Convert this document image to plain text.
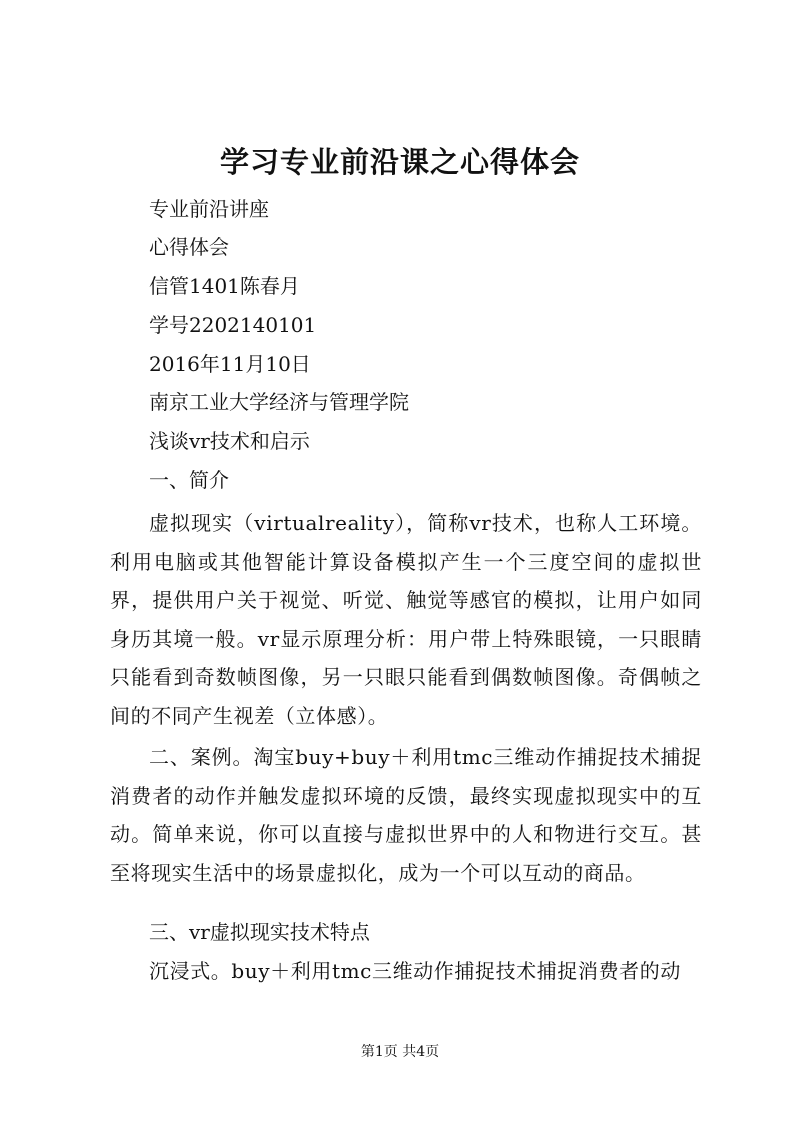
学习专业前沿课之心得体会
专业前沿讲座
心得体会
信管1401陈春月
学号2202140101
2016年11月10日
南京工业大学经济与管理学院
浅谈vr技术和启示
一、简介
虚拟现实（virtualreality），简称vr技术，也称人工环境。利用电脑或其他智能计算设备模拟产生一个三度空间的虚拟世界，提供用户关于视觉、听觉、触觉等感官的模拟，让用户如同身历其境一般。vr显示原理分析：用户带上特殊眼镜，一只眼睛只能看到奇数帧图像，另一只眼只能看到偶数帧图像。奇偶帧之间的不同产生视差（立体感）。
二、案例。淘宝buy+buy＋利用tmc三维动作捕捉技术捕捉消费者的动作并触发虚拟环境的反馈，最终实现虚拟现实中的互动。简单来说，你可以直接与虚拟世界中的人和物进行交互。甚至将现实生活中的场景虚拟化，成为一个可以互动的商品。
三、vr虚拟现实技术特点
沉浸式。buy＋利用tmc三维动作捕捉技术捕捉消费者的动
第1页 共4页
